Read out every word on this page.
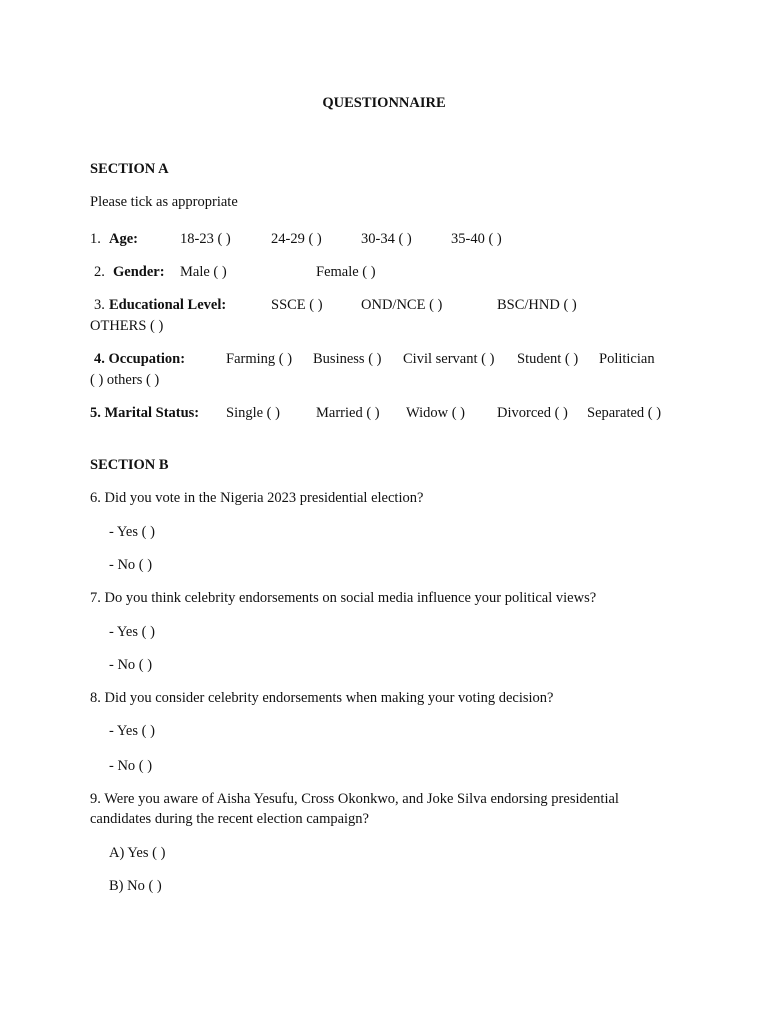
QUESTIONNAIRE
SECTION A
Please tick as appropriate
1. Age:	18-23 ( )	24-29 ( )	30-34 ( )	35-40 ( )
2. Gender: Male ( )	Female ( )
3. Educational Level:	SSCE ( )	OND/NCE ( )	BSC/HND ( )
OTHERS ( )
4. Occupation:	Farming ( ) Business ( ) Civil servant ( ) Student ( ) Politician
( ) others ( )
5. Marital Status: Single ( ) Married ( ) Widow ( ) Divorced ( ) Separated ( )
SECTION B
6. Did you vote in the Nigeria 2023 presidential election?
- Yes ( )
- No ( )
7. Do you think celebrity endorsements on social media influence your political views?
- Yes ( )
- No ( )
8. Did you consider celebrity endorsements when making your voting decision?
- Yes ( )
- No ( )
9. Were you aware of Aisha Yesufu, Cross Okonkwo, and Joke Silva endorsing presidential
candidates during the recent election campaign?
A) Yes ( )
B) No ( )
